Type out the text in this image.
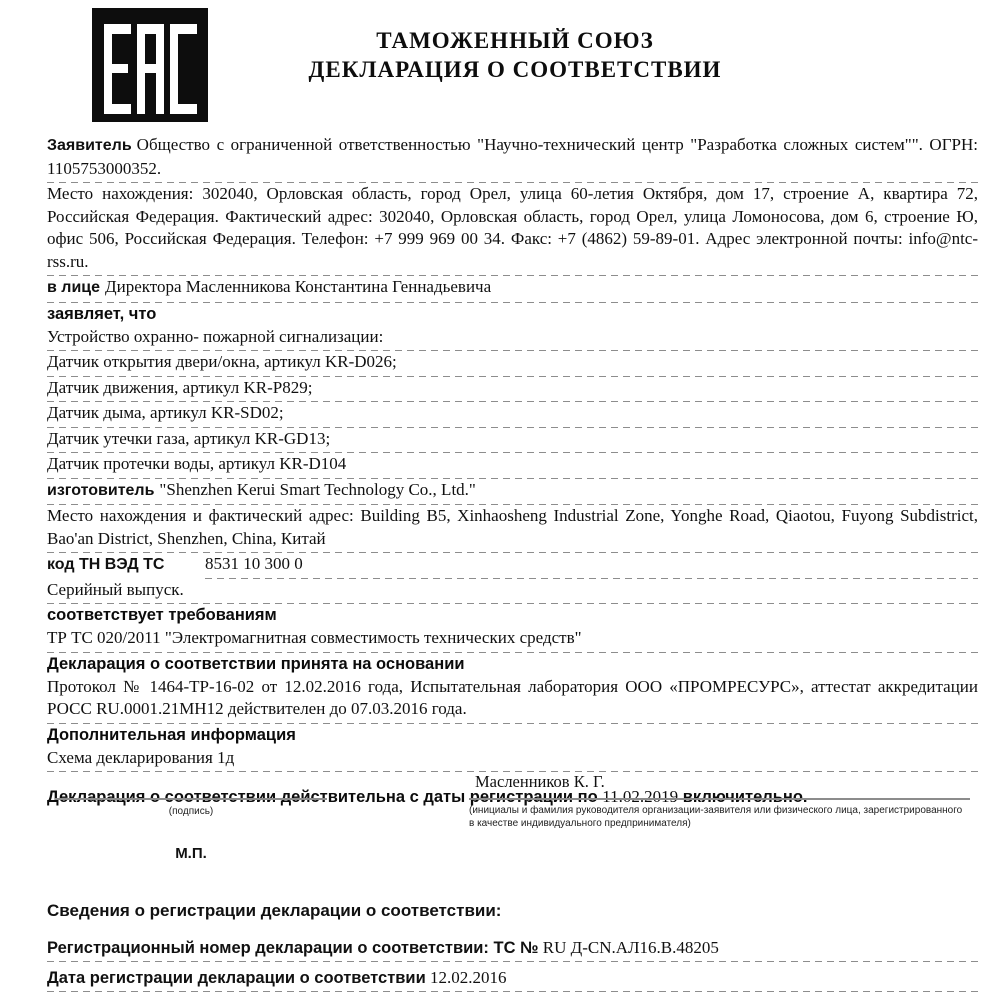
ТАМОЖЕННЫЙ СОЮЗ
ДЕКЛАРАЦИЯ О СООТВЕТСТВИИ
Заявитель Общество с ограниченной ответственностью "Научно-технический центр "Разработка сложных систем"". ОГРН: 1105753000352.
Место нахождения: 302040, Орловская область, город Орел, улица 60-летия Октября, дом 17, строение А, квартира 72, Российская Федерация. Фактический адрес: 302040, Орловская область, город Орел, улица Ломоносова, дом 6, строение Ю, офис 506, Российская Федерация. Телефон: +7 999 969 00 34. Факс: +7 (4862) 59-89-01. Адрес электронной почты: info@ntc-rss.ru.
в лице Директора Масленникова Константина Геннадьевича
заявляет, что
Устройство охранно- пожарной сигнализации:
Датчик открытия двери/окна, артикул KR-D026;
Датчик движения, артикул KR-P829;
Датчик дыма, артикул KR-SD02;
Датчик утечки газа, артикул KR-GD13;
Датчик протечки воды, артикул KR-D104
изготовитель "Shenzhen Kerui Smart Technology Co., Ltd."
Место нахождения и фактический адрес: Building B5, Xinhaosheng Industrial Zone, Yonghe Road, Qiaotou, Fuyong Subdistrict, Bao'an District, Shenzhen, China, Китай
код ТН ВЭД ТС	8531 10 300 0
Серийный выпуск.
соответствует требованиям
ТР ТС 020/2011 "Электромагнитная совместимость технических средств"
Декларация о соответствии принята на основании
Протокол № 1464-ТР-16-02 от 12.02.2016 года, Испытательная лаборатория ООО «ПРОМРЕСУРС», аттестат аккредитации РОСС RU.0001.21МН12 действителен до 07.03.2016 года.
Дополнительная информация
Схема декларирования 1д
Декларация о соответствии действительна с даты регистрации по 11.02.2019 включительно.
(подпись)
М.П.
Масленников К. Г.
(инициалы и фамилия руководителя организации-заявителя или физического лица, зарегистрированного в качестве индивидуального предпринимателя)
Сведения о регистрации декларации о соответствии:
Регистрационный номер декларации о соответствии: ТС № RU Д-CN.АЛ16.В.48205
Дата регистрации декларации о соответствии 12.02.2016
